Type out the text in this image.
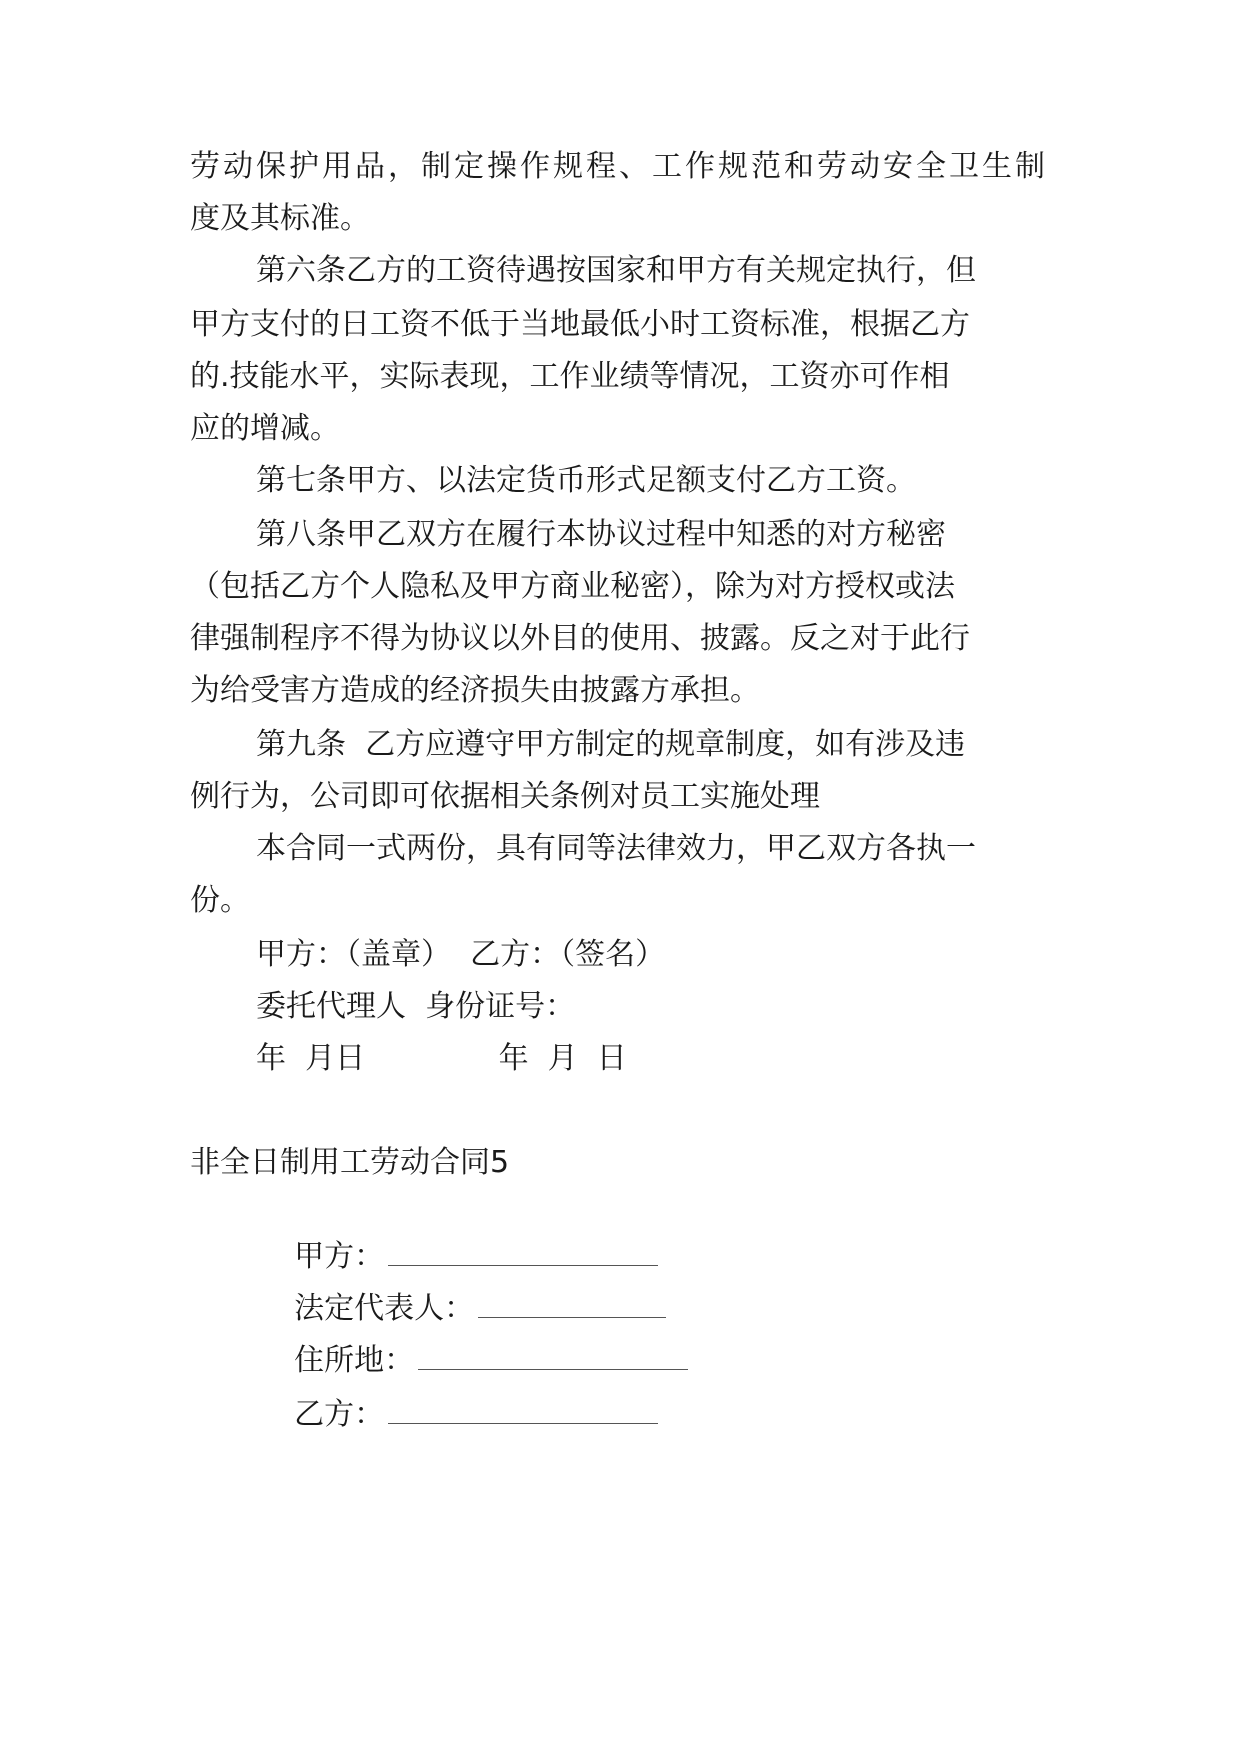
劳 动 保 护 用 品 ， 制 定 操 作 规 程 、 工 作 规 范 和 劳 动 安 全 卫 生 制
度及其标准。
第六条乙方的工资待遇按国家和甲方有关规定执行，但
甲方支付的日工资不低于当地最低小时工资标准，根据乙方
的.技能水平，实际表现，工作业绩等情况，工资亦可作相
应的增减。
第七条甲方、以法定货币形式足额支付乙方工资。
第八条甲乙双方在履行本协议过程中知悉的对方秘密
（包括乙方个人隐私及甲方商业秘密），除为对方授权或法
律强制程序不得为协议以外目的使用、披露。反之对于此行
为给受害方造成的经济损失由披露方承担。
第九条  乙方应遵守甲方制定的规章制度，如有涉及违
例行为，公司即可依据相关条例对员工实施处理
本合同一式两份，具有同等法律效力，甲乙双方各执一
份。
甲方：（盖章）  乙方：（签名）
委托代理人  身份证号：
年  月日              年  月  日
非全日制用工劳动合同5

甲方：

法定代表人：

住所地：

乙方：
